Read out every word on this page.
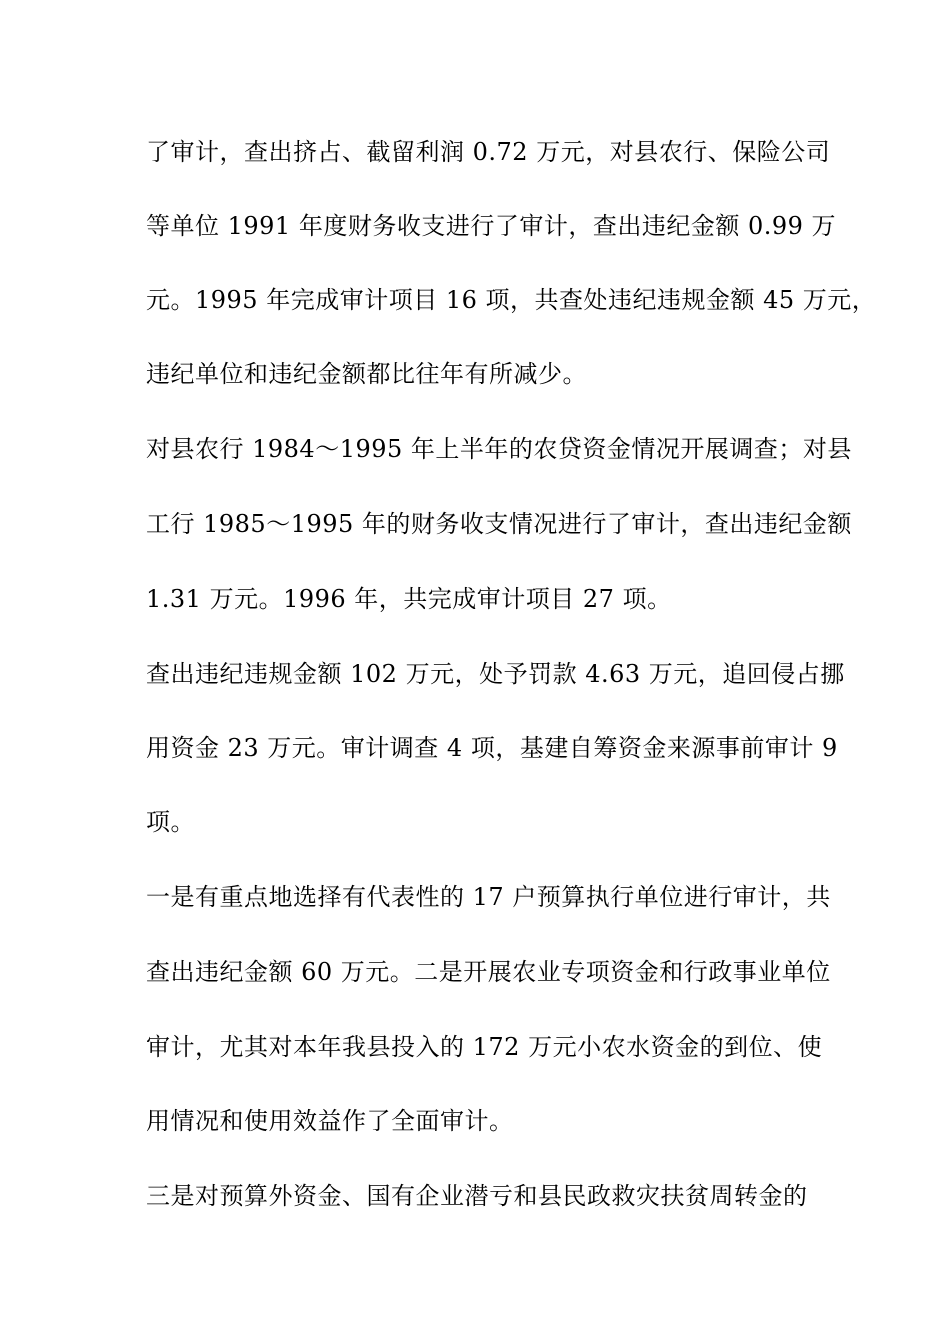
了审计，查出挤占、截留利润 0.72 万元，对县农行、保险公司
等单位 1991 年度财务收支进行了审计，查出违纪金额 0.99 万
元。1995 年完成审计项目 16 项，共查处违纪违规金额 45 万元，
违纪单位和违纪金额都比往年有所减少。
对县农行 1984～1995 年上半年的农贷资金情况开展调查；对县
工行 1985～1995 年的财务收支情况进行了审计，查出违纪金额
1.31 万元。1996 年，共完成审计项目 27 项。
查出违纪违规金额 102 万元，处予罚款 4.63 万元，追回侵占挪
用资金 23 万元。审计调查 4 项，基建自筹资金来源事前审计 9
项。
一是有重点地选择有代表性的 17 户预算执行单位进行审计，共
查出违纪金额 60 万元。二是开展农业专项资金和行政事业单位
审计，尤其对本年我县投入的 172 万元小农水资金的到位、使
用情况和使用效益作了全面审计。
三是对预算外资金、国有企业潜亏和县民政救灾扶贫周转金的
